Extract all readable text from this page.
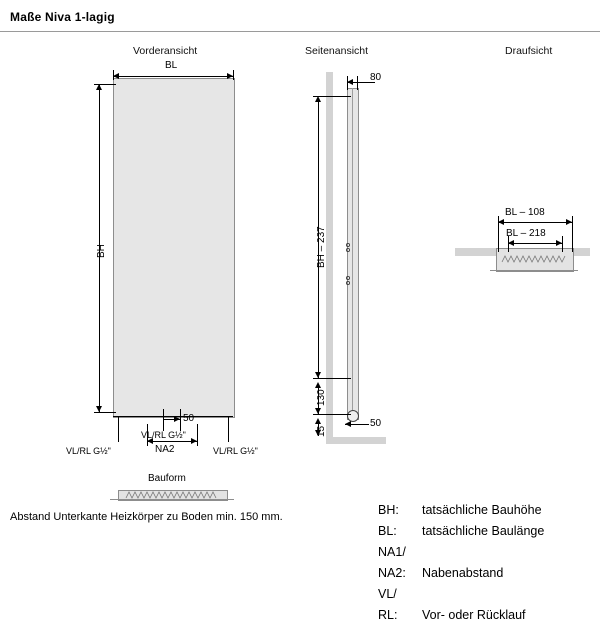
Maße Niva 1-lagig
Vorderansicht	Seitenansicht	Draufsicht
BL
BH
50
NA2
VL/RL G½"
VL/RL G½"	VL/RL G½"
Bauform
Abstand Unterkante Heizkörper zu Boden min. 150 mm.
80
BH – 237
130
15
50
BL – 108
BL – 218
BH:	tatsächliche Bauhöhe
BL:	tatsächliche Baulänge
NA1/
NA2:	Nabenabstand
VL/
RL:	Vor- oder Rücklauf
